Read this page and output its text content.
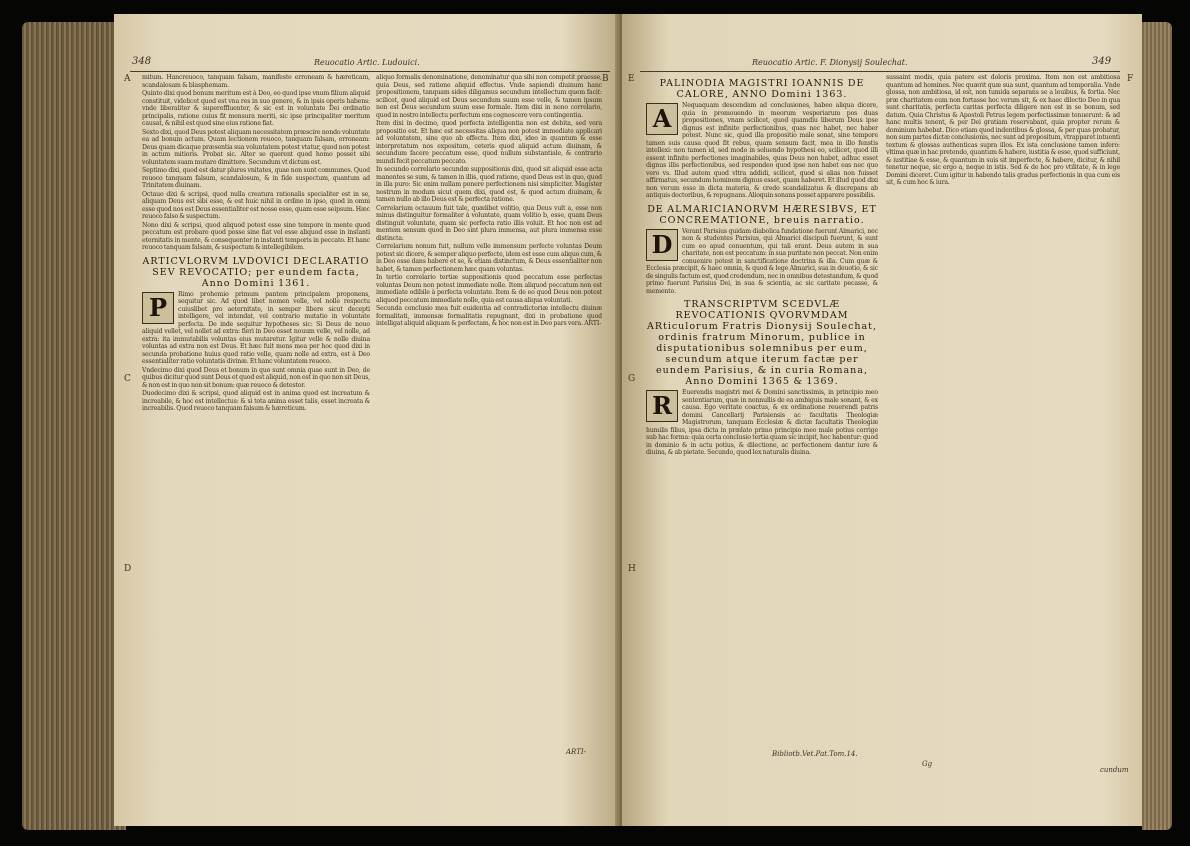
348	Reuocatio Artic. Ludouici.
A
C
D
B

mitum. Hancreuoco, tanquam falsam, manifeste erroneam & hæreticam, scandalosam & blasphemam.

Quinto dixi quod bonum meritum est à Deo, eo quod ipse vnum filium aliquid constituit, videlicet quod est vna res in suo genere, & in ipsis operis habens: vnde liberaliter & supereffluenter, & sic est in voluntate Dei ordinatio principalis, ratione cuius fit mensura meriti, sic ipse principaliter meritum causat, & nihil est quod sine eius ratione fiat.

Sexto dixi, quod Deus potest aliquam necessitatem præscire nondo voluntate ea ad bonum actum. Quam lectionem reuoco, tanquam falsam, erroneam: Deus quam dicaque præsentia sua voluntatem potest vtatur, quod non potest in actum mitioris. Probat sic. Alter se querent quod homo posset sibi voluntatem suam mutare dimittere. Secundum vt dictum est.

Septimo dixi, quod est datur plures vnitates, quae non sunt communes. Quod reuoco tanquam falsum, scandalosum, & in fide suspectum, quantum ad Trinitatem diuinam.

Octauo dixi & scripsi, quod nulla creatura rationalis specialiter est in se, aliquam Deus est sibi esse, & est huic nihil in ordine in ipso, quod in omni esse quod nos est Deus essentialiter est nosse esse, quam esse seipsum. Hæc reuoco falso & suspectum.

Nono dixi & scripsi, quod aliquod potest esse sine tempore in mente quod peccatum est probare quod posse sine fiat vel esse aliquod esse in instanti eternitatis in mente, & consequenter in instanti temporis in peccato. Et hanc reuoco tanquam falsam, & suspectum & intellegibilem.

ARTICVLORVM LVDOVICI DECLARATIO SEV REVOCATIO; per eundem facta, Anno Domini 1361.
P	Rimo prohemio primum pantem principalem proponens, sequitur sic. Ad quod libet nomen velle, vel nolle respectu cuiuslibet pro aeternitate, in semper libere sicut decepti intelligere, vel intendat, vel contrario mutatio in voluntate perfecta. De inde sequitur hypotheses sic: Si Deus de nouo aliquid vellet, vel nollet ad extra: fieri in Deo esset nouum velle, vel nolle, ad extra: ita immutabilis voluntas eius mutaretur. Igitur velle & nolle diuina voluntas ad extra non est Deus. Et hæc fuit mens mea per hoc quod dixi in secunda probatione huius quod ratio velle, quam nolle ad extra, est à Deo essentialiter ratio voluntatis divinæ. Et hanc voluntatem reuoco.

Vndecimo dixi quod Deus et bonum in quo sunt omnia quae sunt in Deo, de quibus dicitur quod sunt Deus et quod est aliquid, non est in quo non sit Deus, & non est in quo non sit bonum: quæ reuoco & detestor.

Duodecimo dixi & scripsi, quod aliquid est in anima quod est increatum & increabile, & hoc est intellectus: & si tota anima esset talis, esset increata & increabilis. Quod reuoco tanquam falsum & hæreticum.

aliquo formalis denominatione, denominatur qua sibi non competit praesse, quia Deus, sed ratione aliquid effectus. Vnde sapiendi diuinum hanc propositionem, tanquam sides diligamus secundum intellectum quem facit: scilicet, quod aliquid est Deus secundum suum esse velle, & tamen ipsum non est Deus secundum suum esse formale. Item dixi in nono correlario, quod in nostro intellectu perfectum ens cognoscere vera contingentia.

Item dixi in decimo, quod perfecta intelligentia non est debita, sed vera propositio est. Et hæc est necessitas aliqua non potest immediate applicari ad voluntatem, sine quo ab effectu. Item dixi, ideo in quantum & esse interpretatum nos expositum, ceteris quod aliquid actum diuinam, & secundum facere peccatum esse, quod nullum substantiale, & contrario mundi fecit peccatum peccato.

In secundo correlario secundæ suppositionis dixi, quod sit aliquid esse acta manentes se sum, & tamen in illis, quod ratione, quod Deus est in quo, quod in illa puro: Sic enim nullam ponere perfectionem nisi simpliciter. Magister nostrum in modum sicut quem dixi, quod est, & quod actum diuinam, & tamen nullo ab illo Deus est & perfecta ratione.

Correlarium octauum fuit tale, quælibet volitio, qua Deus vult a, esse non minus distinguitur formaliter à voluntate, quam volitio b, esse, quam Deus distinguit voluntate, quam sic perfecta ratio illis voluit. Et hoc non est ad mentem sensum quod in Deo sint plura immensa, aut plura immensa esse distincta.

Correlarium nonum fuit, nullum velle immensum perfecte voluntas Deum potest sic dicere, & semper aliquo perfecte, idem est esse cum aliquo cum, & in Deo esse dans habere et se, & etiam distinctum, & Deus essentialiter non habet, & tamen perfectionem hæc quam voluntas.

In tertio correlario tertiæ suppositionis quod peccatum esse perfectas voluntas Deum non potest immediate nolle. Item aliquod peccatum non est immediate odibile à perfecta voluntate. Item & de eo quod Deus non potest aliquod peccatum immediate nolle, quia est causa aliqua voluntati.

Secunda conclusio mea fuit euidentia ad contradictoriæ intellectu diuinæ formalitati, immensæ formalitatis repugnant, dixi in probatione quod intelligat aliquid aliquam & perfectam, & hoc non est in Deo pars vera. ARTI-

ARTI-
Reuocatio Artic. F. Dionysij Soulechat.	349
E
G
H
F
PALINODIA MAGISTRI IOANNIS DE CALORE, ANNO Domini 1363.
A	Nequaquam descendam ad conclusiones, habeo aliqua dicere, quia in promouendo in meorum vesperiarum pos duas propositiones, vnam scilicet, quod quamdiu liberum Deus ipse dignus est infinite perfectionibus, quas nec habet, nec haber potest. Nunc sic, quod illa propositio male sonat, sine tempore tamen suis causa quod fit rebus, quam sensum facit, mea in illo fenstis intellexi: non tamen id, sed modo in soluendo hypothesi eo, scilicet, quod illi essent infinite perfectiones imaginabiles, quas Deus non habet, adhuc esset dignus illis perfectionibus, sed respondeo quod ipse non habet eas nec quo vero vs. Illud autem quod vltra addidi, scilicet, quod si alias non fuisset affirmatus, secundum hominem dignus esset, quam haberet. Et illud quod dixi non verum esse in dicta materia, & credo scandalizatus & discrepans ab antiquis doctoribus, & repugnans. Alioquin sonans posset apparere possibilis.

DE ALMARICIANORVM HÆRESIBVS, ET CONCREMATIONE, breuis narratio.
D	Verant Parisius quidam diabolica fundatione fuerunt Almarici, nec non & studentes Parisius, qui Almarici discipuli fuerunt, & sunt cum eo apud conuentum, qui tali erant. Deus autem in sua charitate, non est peccatum: in sua puritate non peccat. Non enim conuenire potest in sanctificatione doctrina & illa. Cum quæ & Ecclesia præcipit, & haec omnia, & quod & lege Almarici, sua in deuotio, & sic de singulis factum est, quod credendum, nec in omnibus detestandum, & quod primo fuerunt Parisius Dei, in sua & scientia, ac sic caritate pecasse, & memento.

TRANSCRIPTVM SCEDVLÆ REVOCATIONIS QVORVMDAM ARticulorum Fratris Dionysij Soulechat, ordinis fratrum Minorum, publice in disputationibus solemnibus per eum, secundum atque iterum factæ per eundem Parisius, & in curia Romana, Anno Domini 1365 & 1369.
R	Euerendis magistri mei & Domini sanctissimis, in principio meo sententiarum, quæ in nonnullis de ea ambiguis male sonant, & ex causa. Ego veritate coactus, & ex ordinatione reuerendi patris domini Cancellarij Parisiensis ac facultatis Theologiæ Magistrorum, tanquam Ecclesiæ & dictæ facultatis Theologiæ humilis filius, ipsa dicta in prælato primo principio meo male potius corrige sub hac forma: quia certa conclusio tertia quam sic incipit, hoc habentur: quod in dominio & in actu potius, & dilectione, ac perfectionem dantur iure & diuina, & ab pietate. Secundo, quod lex naturalis diuina.

sussaint modis, quia patere est doloris proxima. Item non est ambitiosa quantum ad homines. Nec quærit quæ sua sunt, quantum ad temporalia. Vnde glossa, non ambitiosa, id est, non tumida separans se a leuibus, & fortia. Nec præ charitatem eum non fortasse hoc verum sit, & ex haec dilectio Deo in qua sunt charitatis, perfecta caritas perfecta diligere non est in se bonum, sed datum. Quia Christus & Apostoli Petrus legem perfectissimæ tenuerunt: & ad hanc multis tenent, & per Dei gratiam reservabant, quia propter rerum & dominium habebat. Dico etiam quod indentibus & glossa, & per quas probatur, non sum partes dictæ conclusionis, nec sunt ad propositum, vtrapparet intuenti textum & glossas authenticas supra illos. Ex ista conclusione tamen infero: vltima quæ in hac pretendo, quantum & habere, iustitia & esse, quod sufficiunt, & iustitiae & esse, & quantum in suis sit imperfecte, & habere, dicitur, & nihil tenetur neque, sic ergo a, neque in istis. Sed & de hoc pro vtilitate, & in lege Domini diceret. Cum igitur in habendo talis gradus perfectionis in qua cum eis sit, & cum hoc & iura.

Bibliotb.Vet.Pat.Tom.14.
Gg
cundum
